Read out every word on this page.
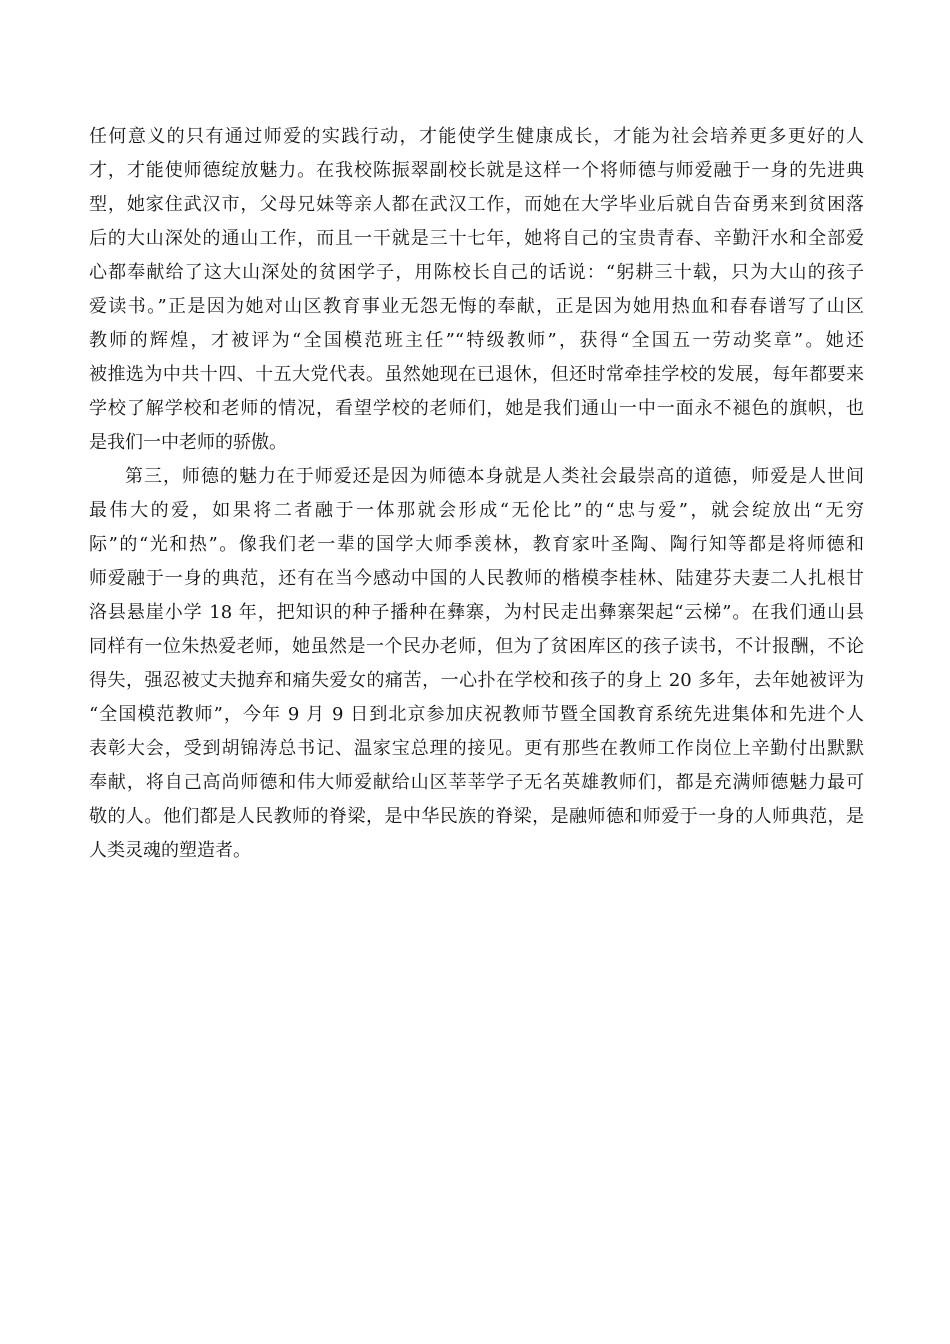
任何意义的只有通过师爱的实践行动，才能使学生健康成长，才能为社会培养更多更好的人
才，才能使师德绽放魅力。在我校陈振翠副校长就是这样一个将师德与师爱融于一身的先进典
型，她家住武汉市，父母兄妹等亲人都在武汉工作，而她在大学毕业后就自告奋勇来到贫困落
后的大山深处的通山工作，而且一干就是三十七年，她将自己的宝贵青春、辛勤汗水和全部爱
心都奉献给了这大山深处的贫困学子，用陈校长自己的话说：“躬耕三十载，只为大山的孩子
爱读书。”正是因为她对山区教育事业无怨无悔的奉献，正是因为她用热血和春春谱写了山区
教师的辉煌，才被评为“全国模范班主任”“特级教师”，获得“全国五一劳动奖章”。她还
被推选为中共十四、十五大党代表。虽然她现在已退休，但还时常牵挂学校的发展，每年都要来
学校了解学校和老师的情况，看望学校的老师们，她是我们通山一中一面永不褪色的旗帜，也
是我们一中老师的骄傲。
第三，师德的魅力在于师爱还是因为师德本身就是人类社会最崇高的道德，师爱是人世间
最伟大的爱，如果将二者融于一体那就会形成“无伦比”的“忠与爱”，就会绽放出“无穷
际”的“光和热”。像我们老一辈的国学大师季羡林，教育家叶圣陶、陶行知等都是将师德和
师爱融于一身的典范，还有在当今感动中国的人民教师的楷模李桂林、陆建芬夫妻二人扎根甘
洛县悬崖小学 18 年，把知识的种子播种在彝寨，为村民走出彝寨架起“云梯”。在我们通山县
同样有一位朱热爱老师，她虽然是一个民办老师，但为了贫困库区的孩子读书，不计报酬，不论
得失，强忍被丈夫抛弃和痛失爱女的痛苦，一心扑在学校和孩子的身上 20 多年，去年她被评为
“全国模范教师”，今年 9 月 9 日到北京参加庆祝教师节暨全国教育系统先进集体和先进个人
表彰大会，受到胡锦涛总书记、温家宝总理的接见。更有那些在教师工作岗位上辛勤付出默默
奉献，将自己高尚师德和伟大师爱献给山区莘莘学子无名英雄教师们，都是充满师德魅力最可
敬的人。他们都是人民教师的脊梁，是中华民族的脊梁，是融师德和师爱于一身的人师典范，是
人类灵魂的塑造者。
